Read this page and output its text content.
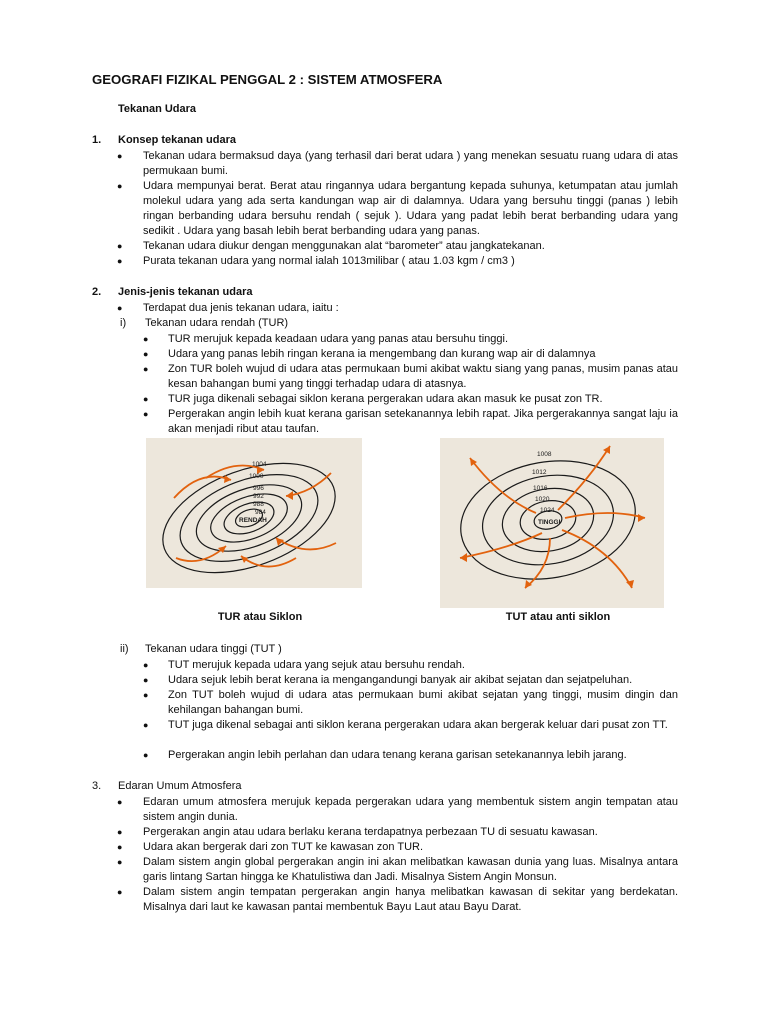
GEOGRAFI FIZIKAL PENGGAL 2 : SISTEM ATMOSFERA
Tekanan Udara
1. Konsep tekanan udara
● Tekanan udara bermaksud daya (yang terhasil dari berat udara ) yang menekan sesuatu ruang udara di atas permukaan bumi.
● Udara mempunyai berat. Berat atau ringannya udara bergantung kepada suhunya, ketumpatan atau jumlah molekul udara yang ada serta kandungan wap air di dalamnya. Udara yang bersuhu tinggi (panas ) lebih ringan berbanding udara bersuhu rendah ( sejuk ). Udara yang padat lebih berat berbanding udara yang sedikit . Udara yang basah lebih berat berbanding udara yang panas.
● Tekanan udara diukur dengan menggunakan alat “barometer” atau jangkatekanan.
● Purata tekanan udara yang normal ialah 1013milibar ( atau 1.03 kgm / cm3 )
2. Jenis-jenis tekanan udara
● Terdapat dua jenis tekanan udara, iaitu :
i) Tekanan udara rendah (TUR)
● TUR merujuk kepada keadaan udara yang panas atau bersuhu tinggi.
● Udara yang panas lebih ringan kerana ia mengembang dan kurang wap air di dalamnya
● Zon TUR boleh wujud di udara atas permukaan bumi akibat waktu siang yang panas, musim panas atau kesan bahangan bumi yang tinggi terhadap udara di atasnya.
● TUR juga dikenali sebagai siklon kerana pergerakan udara akan masuk ke pusat zon TR.
● Pergerakan angin lebih kuat kerana garisan setekanannya lebih rapat. Jika pergerakannya sangat laju ia akan menjadi ribut atau taufan.
1004
1000
996
992
988
984
RENDAH
TUR atau Siklon
1008
1012
1016
1020
1024
TINGGI
TUT atau anti siklon
ii) Tekanan udara tinggi (TUT )
● TUT merujuk kepada udara yang sejuk atau bersuhu rendah.
● Udara sejuk lebih berat kerana ia mengangandungi banyak air akibat sejatan dan sejatpeluhan.
● Zon TUT boleh wujud di udara atas permukaan bumi akibat sejatan yang tinggi, musim dingin dan kehilangan bahangan bumi.
● TUT juga dikenal sebagai anti siklon kerana pergerakan udara akan bergerak keluar dari pusat zon TT.
● Pergerakan angin lebih perlahan dan udara tenang kerana garisan setekanannya lebih jarang.
3. Edaran Umum Atmosfera
● Edaran umum atmosfera merujuk kepada pergerakan udara yang membentuk sistem angin tempatan atau sistem angin dunia.
● Pergerakan angin atau udara berlaku kerana terdapatnya perbezaan TU di sesuatu kawasan.
● Udara akan bergerak dari zon TUT ke kawasan zon TUR.
● Dalam sistem angin global pergerakan angin ini akan melibatkan kawasan dunia yang luas. Misalnya antara garis lintang Sartan hingga ke Khatulistiwa dan Jadi. Misalnya Sistem Angin Monsun.
● Dalam sistem angin tempatan pergerakan angin hanya melibatkan kawasan di sekitar yang berdekatan. Misalnya dari laut ke kawasan pantai membentuk Bayu Laut atau Bayu Darat.
